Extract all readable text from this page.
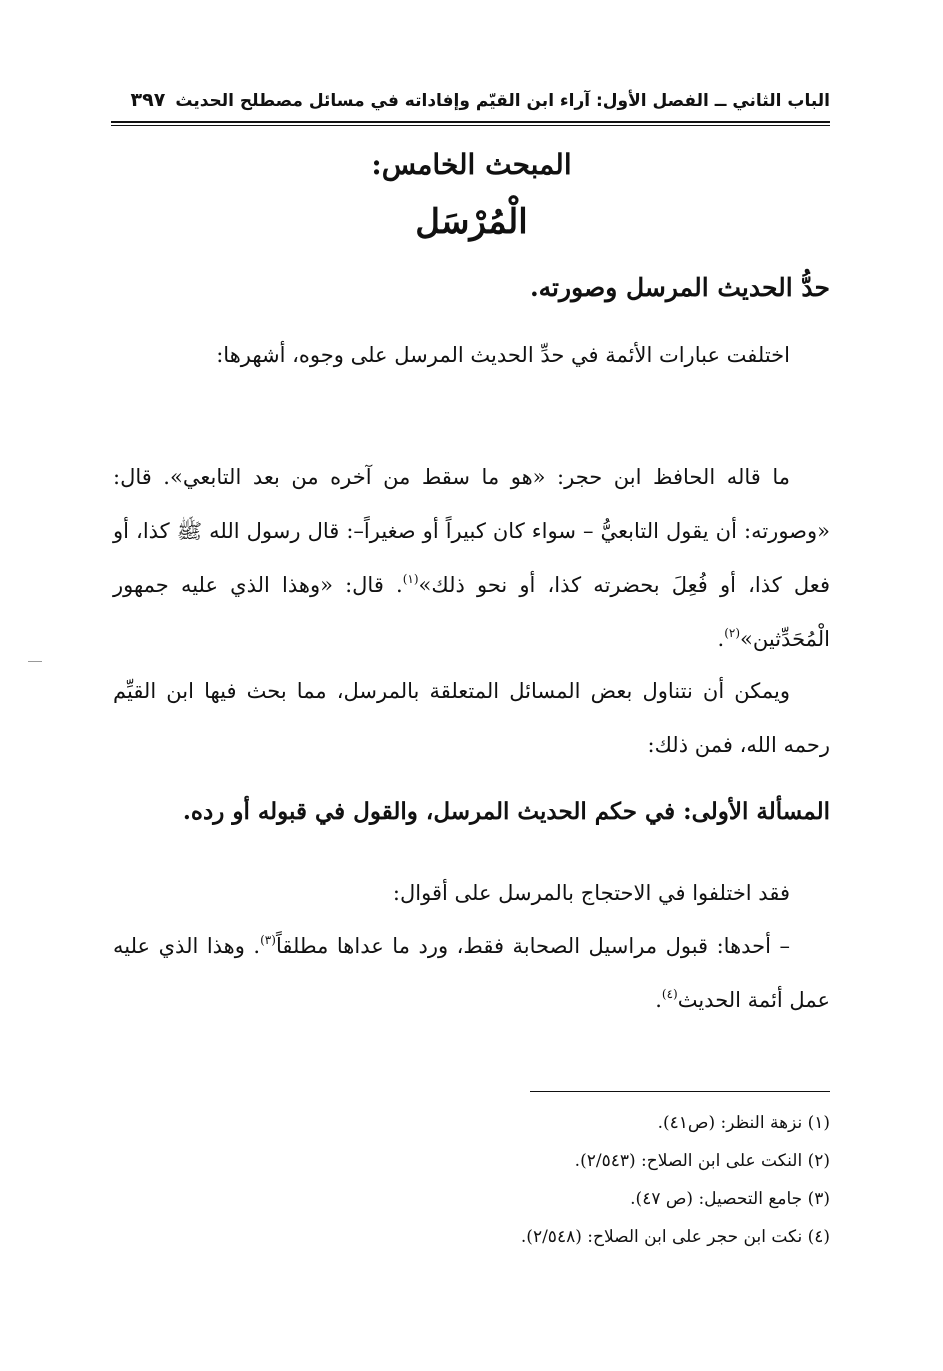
الباب الثاني ــ الفصل الأول: آراء ابن القيّم وإفاداته في مسائل مصطلح الحديث
٣٩٧
المبحث الخامس:
الْمُرْسَل
حدُّ الحديث المرسل وصورته.

اختلفت عبارات الأئمة في حدِّ الحديث المرسل على وجوه، أشهرها:

ما قاله الحافظ ابن حجر: «هو ما سقط من آخره من بعد التابعي». قال: «وصورته: أن يقول التابعيُّ – سواء كان كبيراً أو صغيراً–: قال رسول الله ﷺ كذا، أو فعل كذا، أو فُعِلَ بحضرته كذا، أو نحو ذلك»$^{(١)}$. قال: «وهذا الذي عليه جمهور الْمُحَدِّثين»$^{(٢)}$.

ويمكن أن نتناول بعض المسائل المتعلقة بالمرسل، مما بحث فيها ابن القيِّم رحمه الله، فمن ذلك:

المسألة الأولى: في حكم الحديث المرسل، والقول في قبوله أو رده.

فقد اختلفوا في الاحتجاج بالمرسل على أقوال:

– أحدها: قبول مراسيل الصحابة فقط، ورد ما عداها مطلقاً$^{(٣)}$. وهذا الذي عليه عمل أئمة الحديث$^{(٤)}$.

(١) نزهة النظر: (ص٤١).
(٢) النكت على ابن الصلاح: (٢/٥٤٣).
(٣) جامع التحصيل: (ص ٤٧).
(٤) نكت ابن حجر على ابن الصلاح: (٢/٥٤٨).
